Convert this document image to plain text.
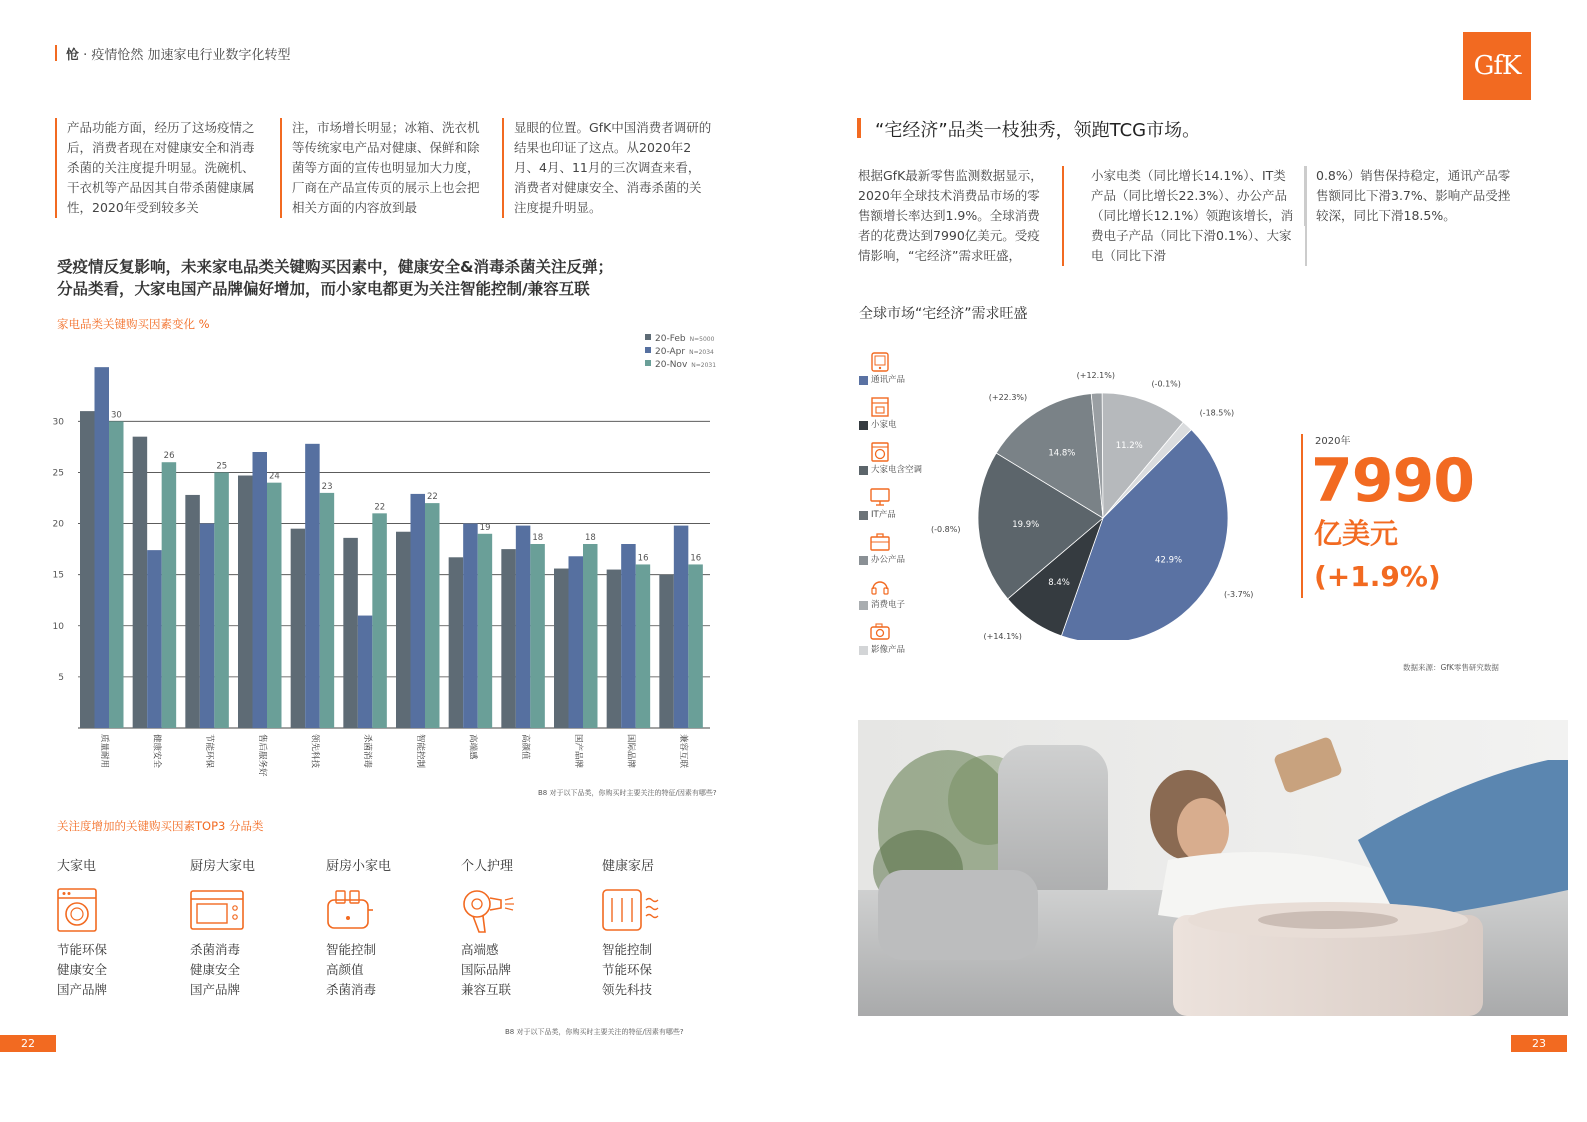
怆 · 疫情怆然 加速家电行业数字化转型	GfK
产品功能方面，经历了这场疫情之后，消费者现在对健康安全和消毒杀菌的关注度提升明显。洗碗机、干衣机等产品因其自带杀菌健康属性，2020年受到较多关
注，市场增长明显；冰箱、洗衣机等传统家电产品对健康、保鲜和除菌等方面的宣传也明显加大力度，厂商在产品宣传页的展示上也会把相关方面的内容放到最
显眼的位置。GfK中国消费者调研的结果也印证了这点。从2020年2月、4月、11月的三次调查来看，消费者对健康安全、消毒杀菌的关注度提升明显。
受疫情反复影响，未来家电品类关键购买因素中，健康安全&消毒杀菌关注反弹；
分品类看，大家电国产品牌偏好增加，而小家电都更为关注智能控制/兼容互联
家电品类关键购买因素变化 %
20-Feb N=5000
20-Apr N=2034
20-Nov N=2031
5
10
15
20
25
30
30
质量耐用
26
健康安全
25
节能环保
24
售后服务好
23
领先科技
22
杀菌消毒
22
智能控制
19
高端感
18
高颜值
18
国产品牌
16
国际品牌
16
兼容互联
B8 对于以下品类，你购买时主要关注的特征/因素有哪些?
关注度增加的关键购买因素TOP3 分品类
大家电
节能环保
健康安全
国产品牌
厨房大家电
杀菌消毒
健康安全
国产品牌
厨房小家电
智能控制
高颜值
杀菌消毒
个人护理
高端感
国际品牌
兼容互联
健康家居
智能控制
节能环保
领先科技
B8 对于以下品类，你购买时主要关注的特征/因素有哪些?
22	23
“宅经济”品类一枝独秀，领跑TCG市场。
根据GfK最新零售监测数据显示，2020年全球技术消费品市场的零售额增长率达到1.9%。全球消费者的花费达到7990亿美元。受疫情影响，“宅经济”需求旺盛，
小家电类（同比增长14.1%）、IT类产品（同比增长22.3%）、办公产品（同比增长12.1%）领跑该增长，消费电子产品（同比下滑0.1%）、大家电（同比下滑
0.8%）销售保持稳定，通讯产品零售额同比下滑3.7%、影响产品受挫较深，同比下滑18.5%。
全球市场“宅经济”需求旺盛
通讯产品
小家电
大家电含空调
IT产品
办公产品
消费电子
影像产品
42.9%
(-3.7%)
8.4%
(+14.1%)
19.9%
(-0.8%)
14.8%
(+22.3%)
(+12.1%)
11.2%
(-0.1%)
(-18.5%)
2020年
7990
亿美元
(+1.9%)
数据来源：GfK零售研究数据
